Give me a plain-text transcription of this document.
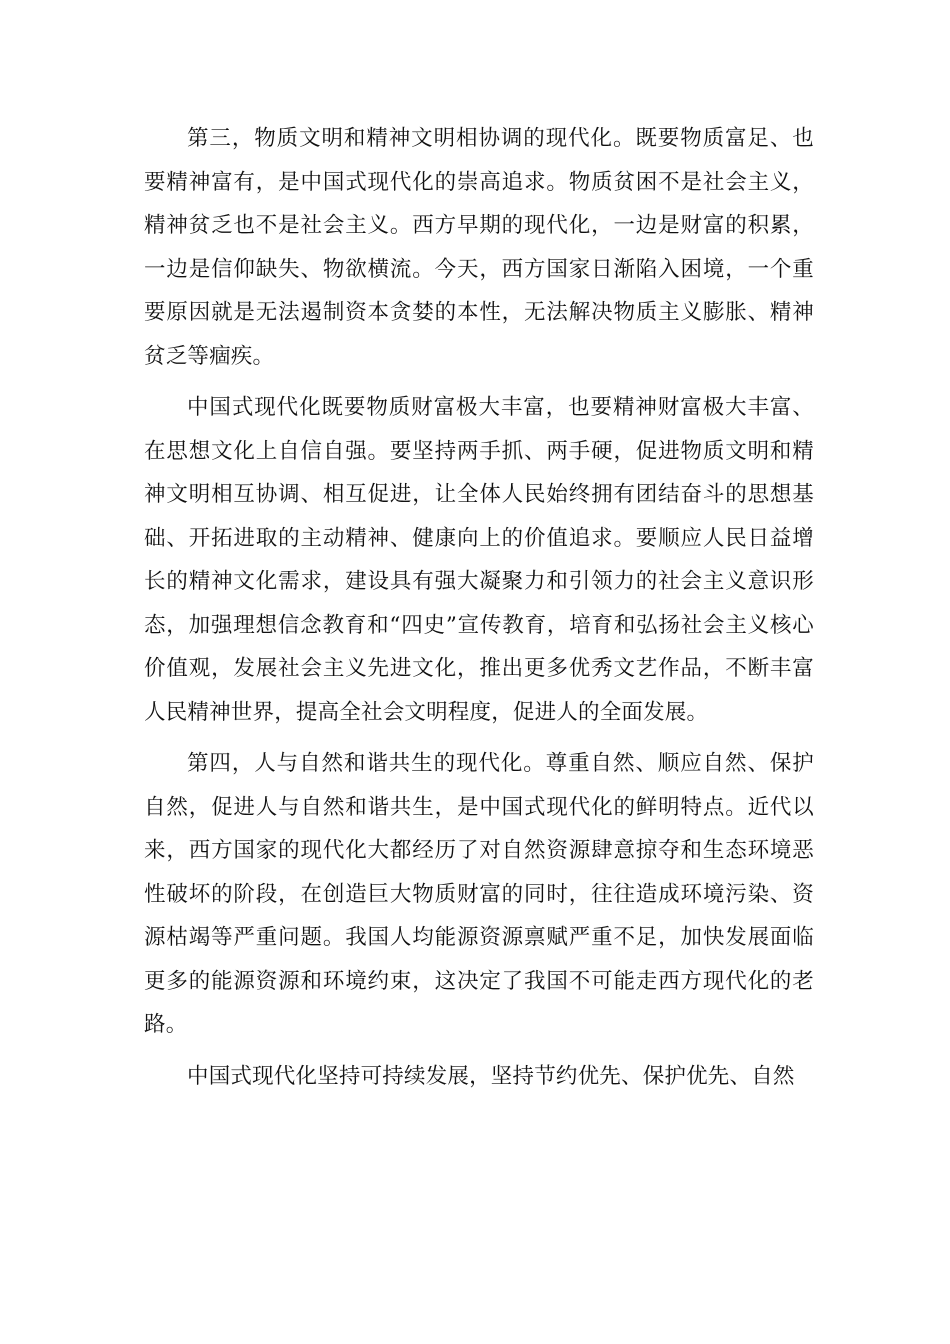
第三，物质文明和精神文明相协调的现代化。既要物质富足、也要精神富有，是中国式现代化的崇高追求。物质贫困不是社会主义，精神贫乏也不是社会主义。西方早期的现代化，一边是财富的积累，一边是信仰缺失、物欲横流。今天，西方国家日渐陷入困境，一个重要原因就是无法遏制资本贪婪的本性，无法解决物质主义膨胀、精神贫乏等痼疾。

中国式现代化既要物质财富极大丰富，也要精神财富极大丰富、在思想文化上自信自强。要坚持两手抓、两手硬，促进物质文明和精神文明相互协调、相互促进，让全体人民始终拥有团结奋斗的思想基础、开拓进取的主动精神、健康向上的价值追求。要顺应人民日益增长的精神文化需求，建设具有强大凝聚力和引领力的社会主义意识形态，加强理想信念教育和“四史”宣传教育，培育和弘扬社会主义核心价值观，发展社会主义先进文化，推出更多优秀文艺作品，不断丰富人民精神世界，提高全社会文明程度，促进人的全面发展。

第四，人与自然和谐共生的现代化。尊重自然、顺应自然、保护自然，促进人与自然和谐共生，是中国式现代化的鲜明特点。近代以来，西方国家的现代化大都经历了对自然资源肆意掠夺和生态环境恶性破坏的阶段，在创造巨大物质财富的同时，往往造成环境污染、资源枯竭等严重问题。我国人均能源资源禀赋严重不足，加快发展面临更多的能源资源和环境约束，这决定了我国不可能走西方现代化的老路。

中国式现代化坚持可持续发展，坚持节约优先、保护优先、自然
